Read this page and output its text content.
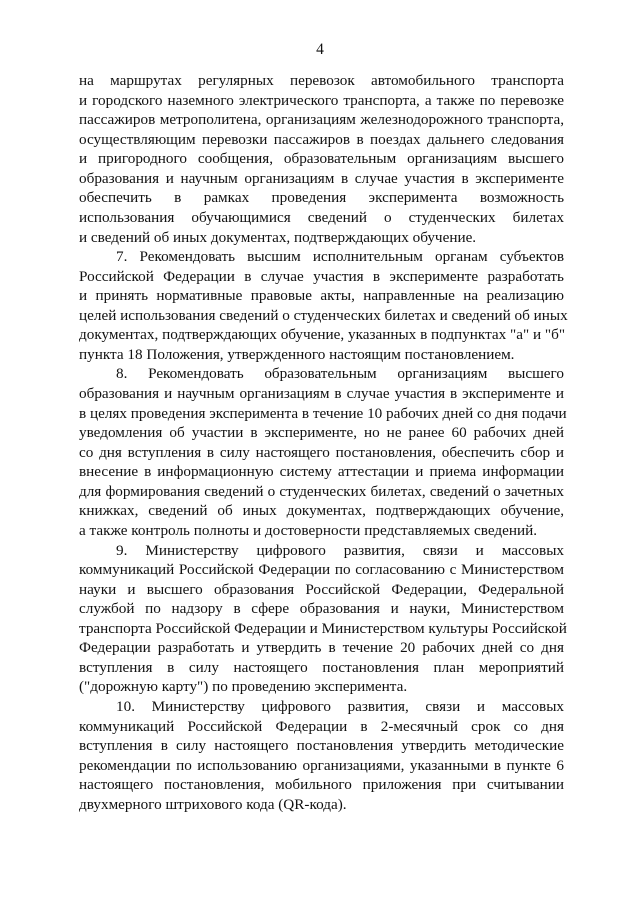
4
на маршрутах регулярных перевозок автомобильного транспорта
и городского наземного электрического транспорта, а также по перевозке
пассажиров метрополитена, организациям железнодорожного транспорта,
осуществляющим перевозки пассажиров в поездах дальнего следования
и пригородного сообщения, образовательным организациям высшего
образования и научным организациям в случае участия в эксперименте
обеспечить в рамках проведения эксперимента возможность
использования обучающимися сведений о студенческих билетах
и сведений об иных документах, подтверждающих обучение.
7. Рекомендовать высшим исполнительным органам субъектов
Российской Федерации в случае участия в эксперименте разработать
и принять нормативные правовые акты, направленные на реализацию
целей использования сведений о студенческих билетах и сведений об иных
документах, подтверждающих обучение, указанных в подпунктах "а" и "б"
пункта 18 Положения, утвержденного настоящим постановлением.
8. Рекомендовать образовательным организациям высшего
образования и научным организациям в случае участия в эксперименте и
в целях проведения эксперимента в течение 10 рабочих дней со дня подачи
уведомления об участии в эксперименте, но не ранее 60 рабочих дней
со дня вступления в силу настоящего постановления, обеспечить сбор и
внесение в информационную систему аттестации и приема информации
для формирования сведений о студенческих билетах, сведений о зачетных
книжках, сведений об иных документах, подтверждающих обучение,
а также контроль полноты и достоверности представляемых сведений.
9. Министерству цифрового развития, связи и массовых
коммуникаций Российской Федерации по согласованию с Министерством
науки и высшего образования Российской Федерации, Федеральной
службой по надзору в сфере образования и науки, Министерством
транспорта Российской Федерации и Министерством культуры Российской
Федерации разработать и утвердить в течение 20 рабочих дней со дня
вступления в силу настоящего постановления план мероприятий
("дорожную карту") по проведению эксперимента.
10. Министерству цифрового развития, связи и массовых
коммуникаций Российской Федерации в 2-месячный срок со дня
вступления в силу настоящего постановления утвердить методические
рекомендации по использованию организациями, указанными в пункте 6
настоящего постановления, мобильного приложения при считывании
двухмерного штрихового кода (QR-кода).
